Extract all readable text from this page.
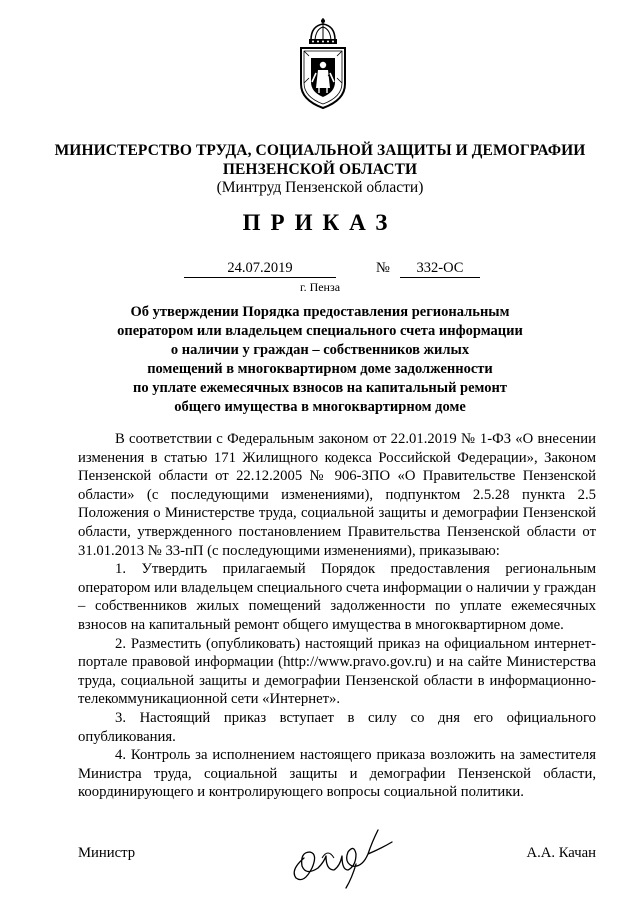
МИНИСТЕРСТВО ТРУДА, СОЦИАЛЬНОЙ ЗАЩИТЫ И ДЕМОГРАФИИ
ПЕНЗЕНСКОЙ ОБЛАСТИ
(Минтруд Пензенской области)
ПРИКАЗ
24.07.2019	№	332-ОС
г. Пенза
Об утверждении Порядка предоставления региональным
оператором или владельцем специального счета информации
о наличии у граждан – собственников жилых
помещений в многоквартирном доме задолженности
по уплате ежемесячных взносов на капитальный ремонт
общего имущества в многоквартирном доме

В соответствии с Федеральным законом от 22.01.2019 № 1-ФЗ «О внесении изменения в статью 171 Жилищного кодекса Российской Федерации», Законом Пензенской области от 22.12.2005 № 906-ЗПО «О Правительстве Пензенской области» (с последующими изменениями), подпунктом 2.5.28 пункта 2.5 Положения о Министерстве труда, социальной защиты и демографии Пензенской области, утвержденного постановлением Правительства Пензенской области от 31.01.2013 № 33-пП (с последующими изменениями), приказываю:

1. Утвердить прилагаемый Порядок предоставления региональным оператором или владельцем специального счета информации о наличии у граждан – собственников жилых помещений задолженности по уплате ежемесячных взносов на капитальный ремонт общего имущества в многоквартирном доме.

2. Разместить (опубликовать) настоящий приказ на официальном интернет-портале правовой информации (http://www.pravo.gov.ru) и на сайте Министерства труда, социальной защиты и демографии Пензенской области в информационно-телекоммуникационной сети «Интернет».

3. Настоящий приказ вступает в силу со дня его официального опубликования.

4. Контроль за исполнением настоящего приказа возложить на заместителя Министра труда, социальной защиты и демографии Пензенской области, координирующего и контролирующего вопросы социальной политики.

Министр	А.А. Качан
